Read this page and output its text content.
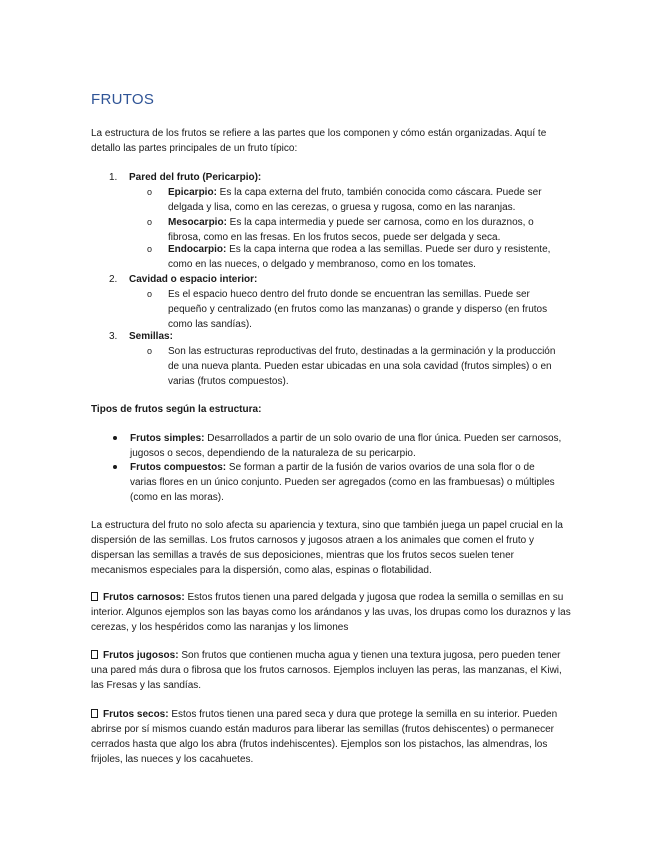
FRUTOS

La estructura de los frutos se refiere a las partes que los componen y cómo están organizadas. Aquí te detallo las partes principales de un fruto típico:

1. Pared del fruto (Pericarpio):
o Epicarpio: Es la capa externa del fruto, también conocida como cáscara. Puede ser delgada y lisa, como en las cerezas, o gruesa y rugosa, como en las naranjas.
o Mesocarpio: Es la capa intermedia y puede ser carnosa, como en los duraznos, o fibrosa, como en las fresas. En los frutos secos, puede ser delgada y seca.
o Endocarpio: Es la capa interna que rodea a las semillas. Puede ser duro y resistente, como en las nueces, o delgado y membranoso, como en los tomates.
2. Cavidad o espacio interior:
o Es el espacio hueco dentro del fruto donde se encuentran las semillas. Puede ser pequeño y centralizado (en frutos como las manzanas) o grande y disperso (en frutos como las sandías).
3. Semillas:
o Son las estructuras reproductivas del fruto, destinadas a la germinación y la producción de una nueva planta. Pueden estar ubicadas en una sola cavidad (frutos simples) o en varias (frutos compuestos).

Tipos de frutos según la estructura:

Frutos simples: Desarrollados a partir de un solo ovario de una flor única. Pueden ser carnosos, jugosos o secos, dependiendo de la naturaleza de su pericarpio.
Frutos compuestos: Se forman a partir de la fusión de varios ovarios de una sola flor o de varias flores en un único conjunto. Pueden ser agregados (como en las frambuesas) o múltiples (como en las moras).

La estructura del fruto no solo afecta su apariencia y textura, sino que también juega un papel crucial en la dispersión de las semillas. Los frutos carnosos y jugosos atraen a los animales que comen el fruto y dispersan las semillas a través de sus deposiciones, mientras que los frutos secos suelen tener mecanismos especiales para la dispersión, como alas, espinas o flotabilidad.

Frutos carnosos: Estos frutos tienen una pared delgada y jugosa que rodea la semilla o semillas en su interior. Algunos ejemplos son las bayas como los arándanos y las uvas, los drupas como los duraznos y las cerezas, y los hespéridos como las naranjas y los limones

Frutos jugosos: Son frutos que contienen mucha agua y tienen una textura jugosa, pero pueden tener una pared más dura o fibrosa que los frutos carnosos. Ejemplos incluyen las peras, las manzanas, el Kiwi, las Fresas y las sandías.

Frutos secos: Estos frutos tienen una pared seca y dura que protege la semilla en su interior. Pueden abrirse por sí mismos cuando están maduros para liberar las semillas (frutos dehiscentes) o permanecer cerrados hasta que algo los abra (frutos indehiscentes). Ejemplos son los pistachos, las almendras, los frijoles, las nueces y los cacahuetes.
